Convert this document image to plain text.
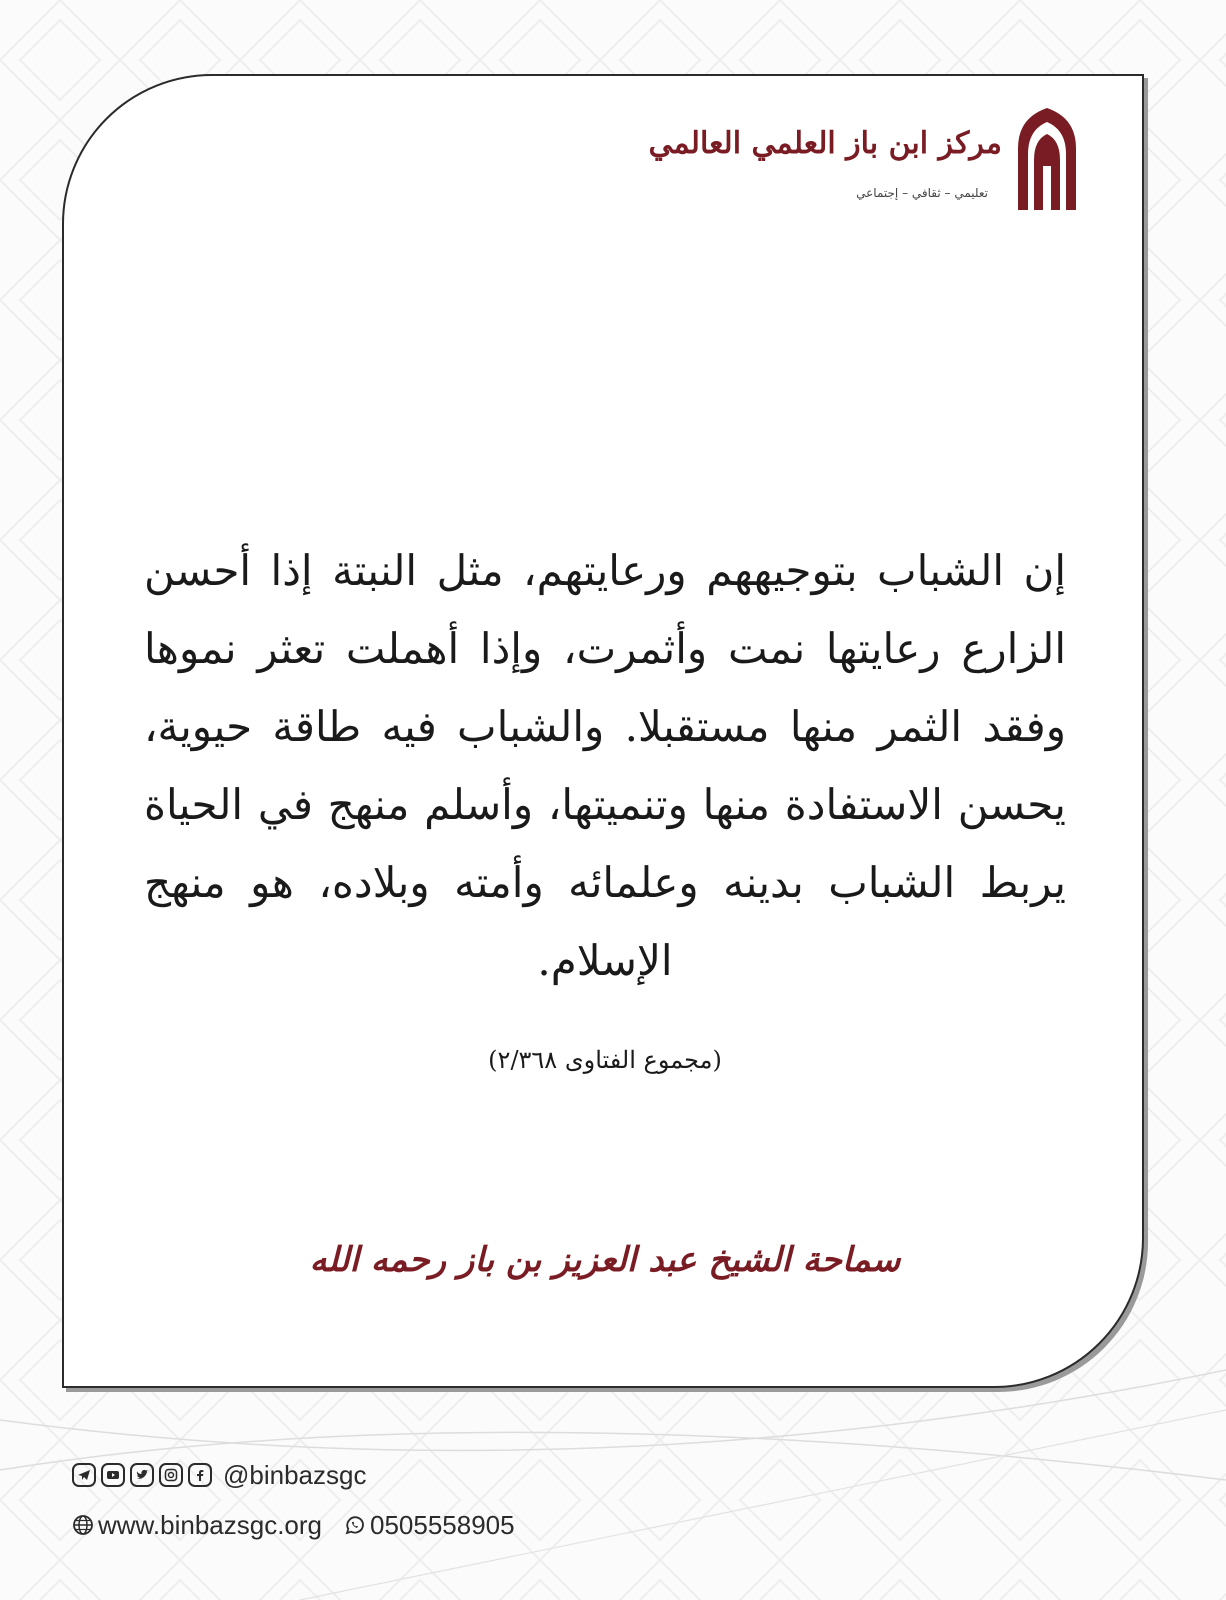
مركز ابن باز العلمي العالمي
تعليمي – ثقافي – إجتماعي
إن الشباب بتوجيههم ورعايتهم، مثل النبتة إذا أحسن الزارع رعايتها نمت وأثمرت، وإذا أهملت تعثر نموها وفقد الثمر منها مستقبلا. والشباب فيه طاقة حيوية، يحسن الاستفادة منها وتنميتها، وأسلم منهج في الحياة يربط الشباب بدينه وعلمائه وأمته وبلاده، هو منهج الإسلام.
(مجموع الفتاوى ٢/٣٦٨)
سماحة الشيخ عبد العزيز بن باز رحمه الله
@binbazsgc
www.binbazsgc.org 0505558905
